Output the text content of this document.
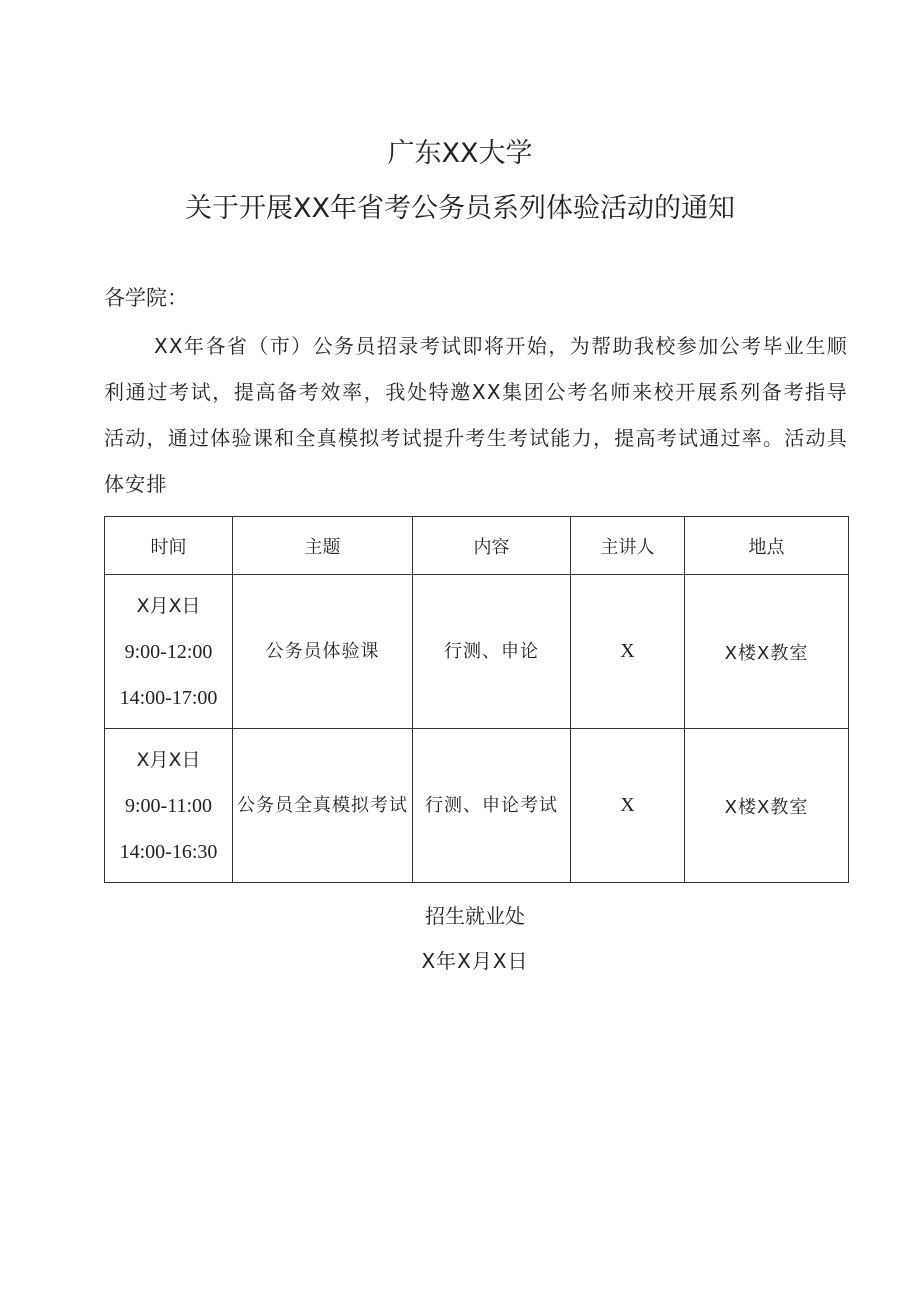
广东XX大学
关于开展XX年省考公务员系列体验活动的通知

各学院：

XX年各省（市）公务员招录考试即将开始，为帮助我校参加公考毕业生顺利通过考试，提高备考效率，我处特邀XX集团公考名师来校开展系列备考指导活动，通过体验课和全真模拟考试提升考生考试能力，提高考试通过率。活动具体安排

时间	主题	内容	主讲人	地点

X月X日
9:00-12:00
14:00-17:00	公务员体验课	行测、申论	X	X楼X教室

X月X日
9:00-11:00
14:00-16:30	公务员全真模拟考试	行测、申论考试	X	X楼X教室

招生就业处

X年X月X日
